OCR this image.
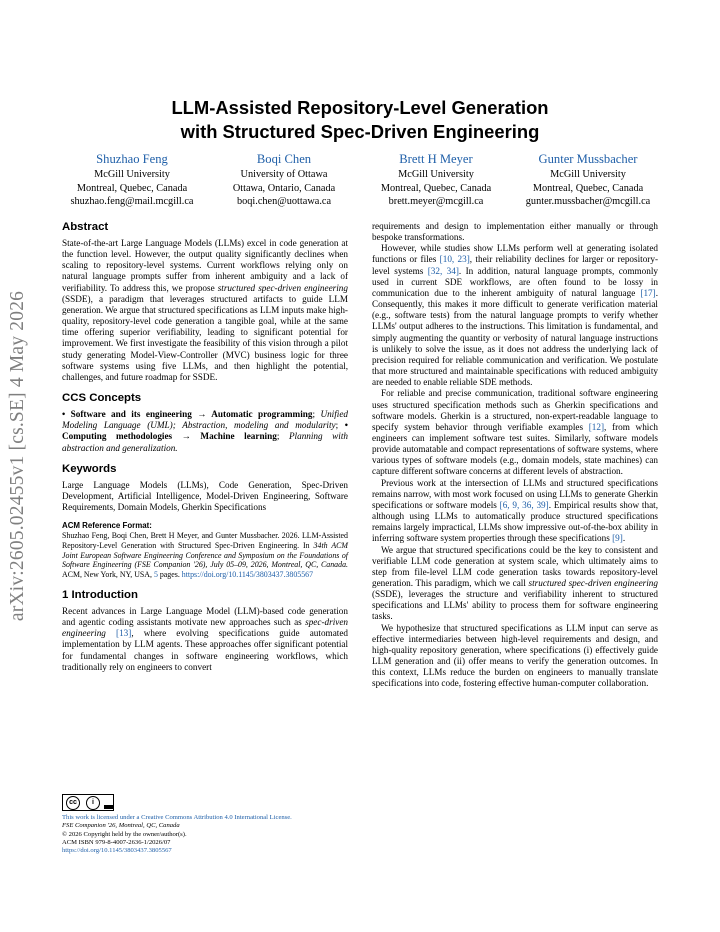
arXiv:2605.02455v1 [cs.SE] 4 May 2026
LLM-Assisted Repository-Level Generation
with Structured Spec-Driven Engineering
Shuzhao Feng
McGill University
Montreal, Quebec, Canada
shuzhao.feng@mail.mcgill.ca
Boqi Chen
University of Ottawa
Ottawa, Ontario, Canada
boqi.chen@uottawa.ca
Brett H Meyer
McGill University
Montreal, Quebec, Canada
brett.meyer@mcgill.ca
Gunter Mussbacher
McGill University
Montreal, Quebec, Canada
gunter.mussbacher@mcgill.ca
Abstract

State-of-the-art Large Language Models (LLMs) excel in code generation at the function level. However, the output quality significantly declines when scaling to repository-level systems. Current workflows relying only on natural language prompts suffer from inherent ambiguity and a lack of verifiability. To address this, we propose structured spec-driven engineering (SSDE), a paradigm that leverages structured artifacts to guide LLM generation. We argue that structured specifications as LLM inputs make high-quality, repository-level code generation a tangible goal, while at the same time offering superior verifiability, leading to significant potential for improvement. We first investigate the feasibility of this vision through a pilot study generating Model-View-Controller (MVC) business logic for three software systems using five LLMs, and then highlight the potential, challenges, and future roadmap for SSDE.

CCS Concepts

• Software and its engineering → Automatic programming; Unified Modeling Language (UML); Abstraction, modeling and modularity; • Computing methodologies → Machine learning; Planning with abstraction and generalization.

Keywords

Large Language Models (LLMs), Code Generation, Spec-Driven Development, Artificial Intelligence, Model-Driven Engineering, Software Requirements, Domain Models, Gherkin Specifications

ACM Reference Format:
Shuzhao Feng, Boqi Chen, Brett H Meyer, and Gunter Mussbacher. 2026. LLM-Assisted Repository-Level Generation with Structured Spec-Driven Engineering. In 34th ACM Joint European Software Engineering Conference and Symposium on the Foundations of Software Engineering (FSE Companion '26), July 05–09, 2026, Montreal, QC, Canada. ACM, New York, NY, USA, 5 pages. https://doi.org/10.1145/3803437.3805567
1 Introduction

Recent advances in Large Language Model (LLM)-based code generation and agentic coding assistants motivate new approaches such as spec-driven engineering [13], where evolving specifications guide automated implementation by LLM agents. These approaches offer significant potential for fundamental changes in software engineering workflows, which traditionally rely on engineers to convert

cc	i
This work is licensed under a Creative Commons Attribution 4.0 International License.
FSE Companion '26, Montreal, QC, Canada
© 2026 Copyright held by the owner/author(s).
ACM ISBN 979-8-4007-2636-1/2026/07
https://doi.org/10.1145/3803437.3805567

requirements and design to implementation either manually or through bespoke transformations.

However, while studies show LLMs perform well at generating isolated functions or files [10, 23], their reliability declines for larger or repository-level systems [32, 34]. In addition, natural language prompts, commonly used in current SDE workflows, are often found to be lossy in communication due to the inherent ambiguity of natural language [17]. Consequently, this makes it more difficult to generate verification material (e.g., software tests) from the natural language prompts to verify whether LLMs' output adheres to the instructions. This limitation is fundamental, and simply augmenting the quantity or verbosity of natural language instructions is unlikely to solve the issue, as it does not address the underlying lack of precision required for reliable communication and verification. We postulate that more structured and maintainable specifications with reduced ambiguity are needed to enable reliable SDE methods.

For reliable and precise communication, traditional software engineering uses structured specification methods such as Gherkin specifications and software models. Gherkin is a structured, non-expert-readable language to specify system behavior through verifiable examples [12], from which engineers can implement software test suites. Similarly, software models provide automatable and compact representations of software systems, where various types of software models (e.g., domain models, state machines) can capture different software concerns at different levels of abstraction.

Previous work at the intersection of LLMs and structured specifications remains narrow, with most work focused on using LLMs to generate Gherkin specifications or software models [6, 9, 36, 39]. Empirical results show that, although using LLMs to automatically produce structured specifications remains largely impractical, LLMs show impressive out-of-the-box ability in inferring software system properties through these specifications [9].

We argue that structured specifications could be the key to consistent and verifiable LLM code generation at system scale, which ultimately aims to step from file-level LLM code generation tasks towards repository-level generation. This paradigm, which we call structured spec-driven engineering (SSDE), leverages the structure and verifiability inherent to structured specifications and LLMs' ability to process them for software engineering tasks.

We hypothesize that structured specifications as LLM input can serve as effective intermediaries between high-level requirements and design, and high-quality repository generation, where specifications (i) effectively guide LLM generation and (ii) offer means to verify the generation outcomes. In this context, LLMs reduce the burden on engineers to manually translate specifications into code, fostering effective human-computer collaboration.
